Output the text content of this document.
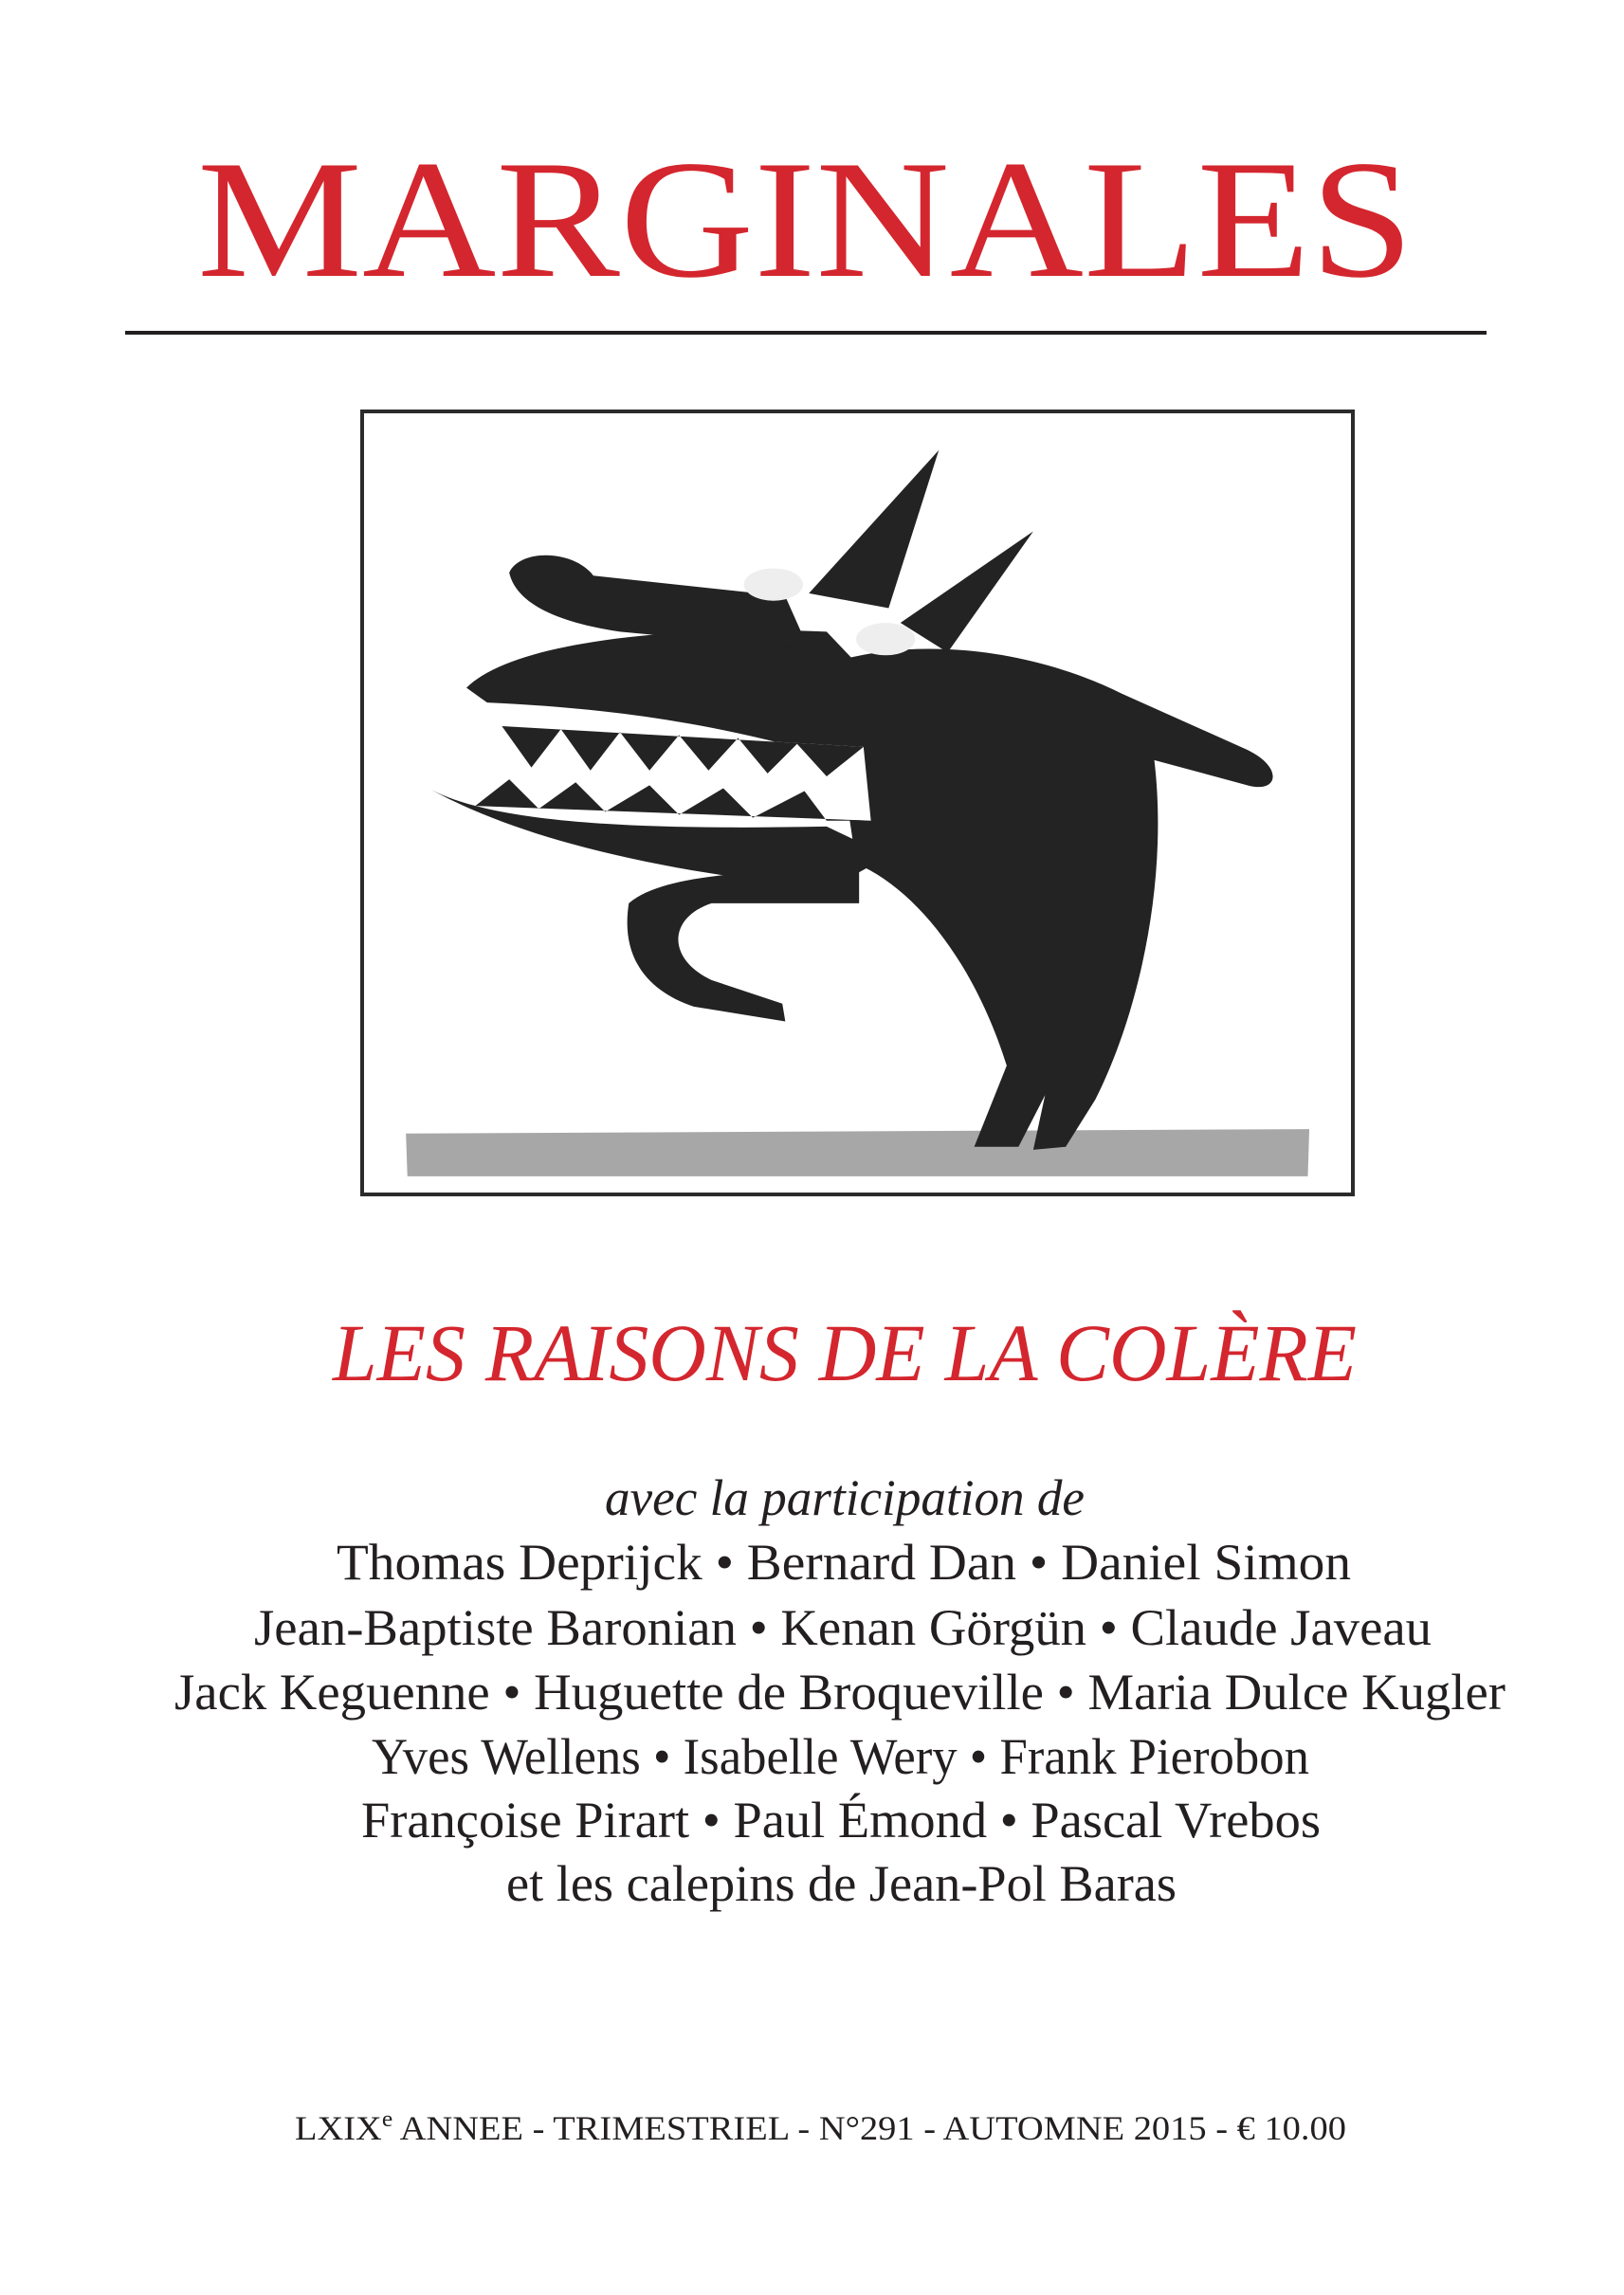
MARGINALES
LES RAISONS DE LA COLÈRE
avec la participation de
Thomas Deprijck • Bernard Dan • Daniel Simon
Jean-Baptiste Baronian • Kenan Görgün • Claude Javeau
Jack Keguenne • Huguette de Broqueville • Maria Dulce Kugler
Yves Wellens • Isabelle Wery • Frank Pierobon
Françoise Pirart • Paul Émond • Pascal Vrebos
et les calepins de Jean-Pol Baras
LXIX $^e$ ANNEE - TRIMESTRIEL - N°291 - AUTOMNE 2015 - € 10.00
